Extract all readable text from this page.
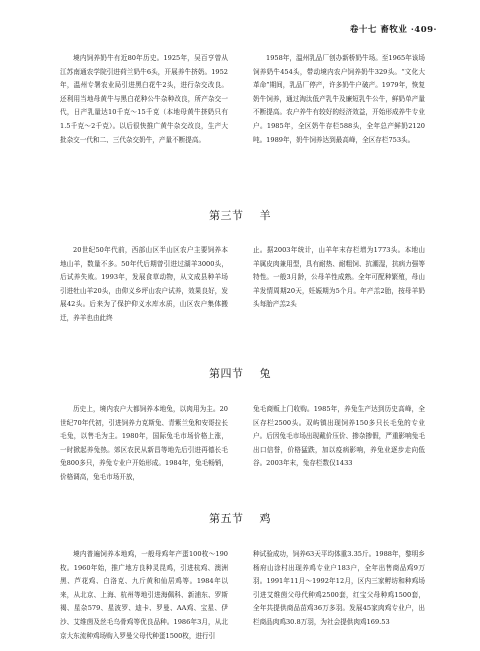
卷十七 畜牧业 ·409·

境内饲养奶牛有近80年历史。1925年，吴百亨曾从江苏南通农学院引进荷兰奶牛6头，开展养牛挤奶。1952年，温州专署农业局引进黑白花牛2头，进行杂交改良。还利用当地母黄牛与黑白花种公牛杂种改良，所产杂交一代，日产乳量达10千克～15千克（本地母黄牛挤奶只有1.5千克～2千克）。以后很快推广黄牛杂交改良，生产大批杂交一代和二、三代杂交奶牛，产量不断提高。

1958年，温州乳品厂创办新桥奶牛场。至1965年该场饲养奶牛454头，带动境内农户饲养奶牛329头。“文化大革命”期间，乳品厂停产，许多奶牛户破产。1979年，恢复奶牛饲养，通过淘汰低产乳牛及廉短乳牛公牛，鲜奶单产量不断提高。农户养牛有较好的经济效益，开始形成养牛专业户。1985年，全区奶牛存栏588头，全年总产鲜奶2120吨。1989年，奶牛饲养达到最高峰，全区存栏753头。

第三节 羊

20世纪50年代前，西部山区半山区农户主要饲养本地山羊，数量不多。50年代后期曾引进过湖羊3000头，后试养失败。1993年，发展食草动物，从文成县种羊场引进牡山羊20头，由仰义乡坪山农户试养，效果良好，发展42头。后来为了保护仰义水库水质，山区农户集体搬迁，养羊也由此终

止。据2003年统计，山羊年末存栏增为1773头。本地山羊属皮肉兼用型，具有耐热、耐粗饲、抗潮湿，抗病力强等特性。一般3月龄，公母羊性成熟。全年可配种繁殖，母山羊发情周期20天，妊娠期为5个月。年产羔2胎，按母羊奶头每胎产羔2头

第四节 兔

历史上，境内农户大都饲养本地兔，以肉用为主。20世纪70年代初，引进饲养力克斯兔、青紫兰兔和安哥拉长毛兔，以售毛为主。1980年，国际兔毛市场价格上涨，一时掀起养兔热。郊区农民从新昌等地先后引进再德长毛兔800多只，养兔专业户开始形成。1984年，兔毛畅销，价格调高，兔毛市场开放，

兔毛商贩上门收购。1985年，养兔生产达到历史高峰，全区存栏2500头。双屿镇出现饲养150多只长毛兔的专业户。后因兔毛市场出现戴价压价、掺杂掺假，严重影响兔毛出口信誉，价格猛跌，加以疫病影响，养兔业逐步走向低谷。2003年末，兔存栏数仅1433

第五节 鸡

境内普遍饲养本地鸡，一般母鸡年产蛋100枚～190枚。1960年始，推广地方良种灵昆鸡，引进杭鸡、澳洲黑、芦花鸡、白洛克、九斤黄和仙居鸡等。1984年以来，从北京、上海、杭州等地引进海佩科、新浦东、罗斯褐、星杂579、星波罗、迪卡、罗曼、AA鸡、宝星、伊沙、艾维茵及丝毛乌骨鸡等优良品种。1986年3月，从北京大东流种鸡场购入罗曼父母代种蛋1500枚，进行引

种试验成功，饲养63天平均体重3.35斤。1988年，黎明乡杨府山涂村出现养鸡专业户183户，全年出售商品鸡9万羽。1991年11月～1992年12月，区内三家孵坊和种鸡场引进艾维茵父母代种鸡2500套，红宝父母种鸡1500套，全年共提供商品苗鸡36万多羽。发展45家肉鸡专业户，出栏商品肉鸡30.8万羽，为社会提供肉鸡169.53
